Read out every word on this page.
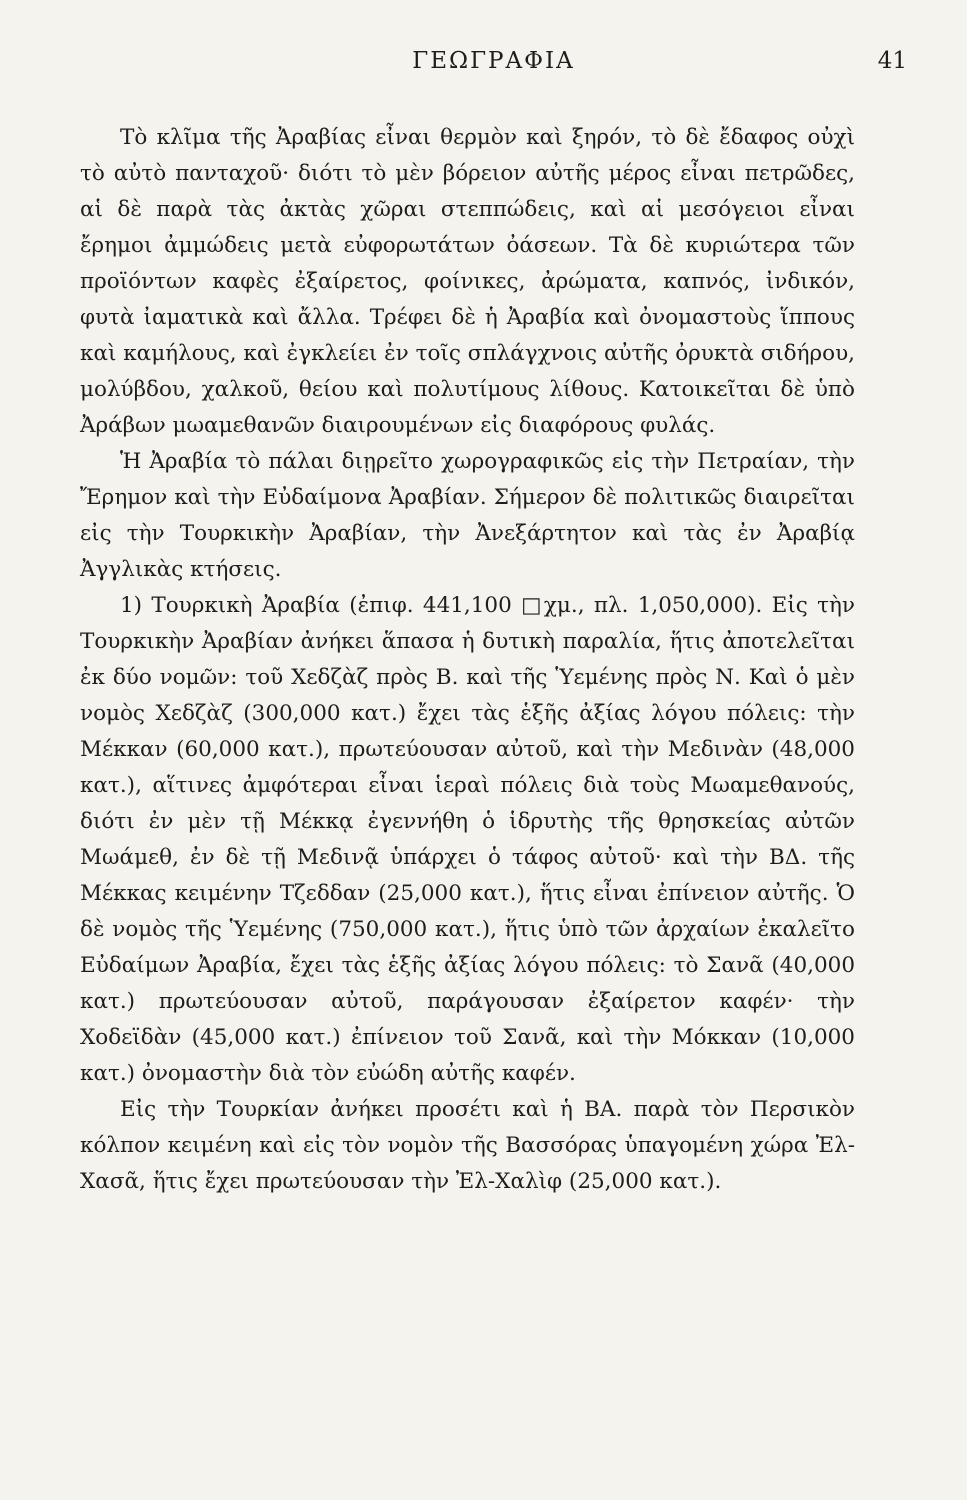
ΓΕΩΓΡΑΦΙΑ	41

Τὸ κλῖμα τῆς Ἀραβίας εἶναι θερμὸν καὶ ξηρόν, τὸ δὲ ἔδαφος οὐχὶ τὸ αὐτὸ πανταχοῦ· διότι τὸ μὲν βόρειον αὐτῆς μέρος εἶναι πετρῶδες, αἱ δὲ παρὰ τὰς ἀκτὰς χῶραι στεππώδεις, καὶ αἱ μεσόγειοι εἶναι ἔρημοι ἀμμώδεις μετὰ εὐφορωτάτων ὀάσεων. Τὰ δὲ κυριώτερα τῶν προϊόντων καφὲς ἐξαίρετος, φοίνικες, ἀρώματα, καπνός, ἰνδικόν, φυτὰ ἰαματικὰ καὶ ἄλλα. Τρέφει δὲ ἡ Ἀραβία καὶ ὀνομαστοὺς ἵππους καὶ καμήλους, καὶ ἐγκλείει ἐν τοῖς σπλάγχνοις αὐτῆς ὀρυκτὰ σιδήρου, μολύβδου, χαλκοῦ, θείου καὶ πολυτίμους λίθους. Κατοικεῖται δὲ ὑπὸ Ἀράβων μωαμεθανῶν διαιρουμένων εἰς διαφόρους φυλάς.

Ἡ Ἀραβία τὸ πάλαι διῃρεῖτο χωρογραφικῶς εἰς τὴν Πετραίαν, τὴν Ἔρημον καὶ τὴν Εὐδαίμονα Ἀραβίαν. Σήμερον δὲ πολιτικῶς διαιρεῖται εἰς τὴν Τουρκικὴν Ἀραβίαν, τὴν Ἀνεξάρτητον καὶ τὰς ἐν Ἀραβίᾳ Ἀγγλικὰς κτήσεις.

1) Τουρκικὴ Ἀραβία (ἐπιφ. 441,100 □χμ., πλ. 1,050,000). Εἰς τὴν Τουρκικὴν Ἀραβίαν ἀνήκει ἅπασα ἡ δυτικὴ παραλία, ἥτις ἀποτελεῖται ἐκ δύο νομῶν: τοῦ Χεδζὰζ πρὸς Β. καὶ τῆς Ὑεμένης πρὸς Ν. Καὶ ὁ μὲν νομὸς Χεδζὰζ (300,000 κατ.) ἔχει τὰς ἑξῆς ἀξίας λόγου πόλεις: τὴν Μέκκαν (60,000 κατ.), πρωτεύουσαν αὐτοῦ, καὶ τὴν Μεδινὰν (48,000 κατ.), αἵτινες ἀμφότεραι εἶναι ἱεραὶ πόλεις διὰ τοὺς Μωαμεθανούς, διότι ἐν μὲν τῇ Μέκκᾳ ἐγεννήθη ὁ ἱδρυτὴς τῆς θρησκείας αὐτῶν Μωάμεθ, ἐν δὲ τῇ Μεδινᾷ ὑπάρχει ὁ τάφος αὐτοῦ· καὶ τὴν ΒΔ. τῆς Μέκκας κειμένην Τζεδδαν (25,000 κατ.), ἥτις εἶναι ἐπίνειον αὐτῆς. Ὁ δὲ νομὸς τῆς Ὑεμένης (750,000 κατ.), ἥτις ὑπὸ τῶν ἀρχαίων ἐκαλεῖτο Εὐδαίμων Ἀραβία, ἔχει τὰς ἑξῆς ἀξίας λόγου πόλεις: τὸ Σανᾶ (40,000 κατ.) πρωτεύουσαν αὐτοῦ, παράγουσαν ἐξαίρετον καφέν· τὴν Χοδεϊδὰν (45,000 κατ.) ἐπίνειον τοῦ Σανᾶ, καὶ τὴν Μόκκαν (10,000 κατ.) ὀνομαστὴν διὰ τὸν εὐώδη αὐτῆς καφέν.

Εἰς τὴν Τουρκίαν ἀνήκει προσέτι καὶ ἡ ΒΑ. παρὰ τὸν Περσικὸν κόλπον κειμένη καὶ εἰς τὸν νομὸν τῆς Βασσόρας ὑπαγομένη χώρα Ἐλ-Χασᾶ, ἥτις ἔχει πρωτεύουσαν τὴν Ἐλ-Χαλὶφ (25,000 κατ.).
